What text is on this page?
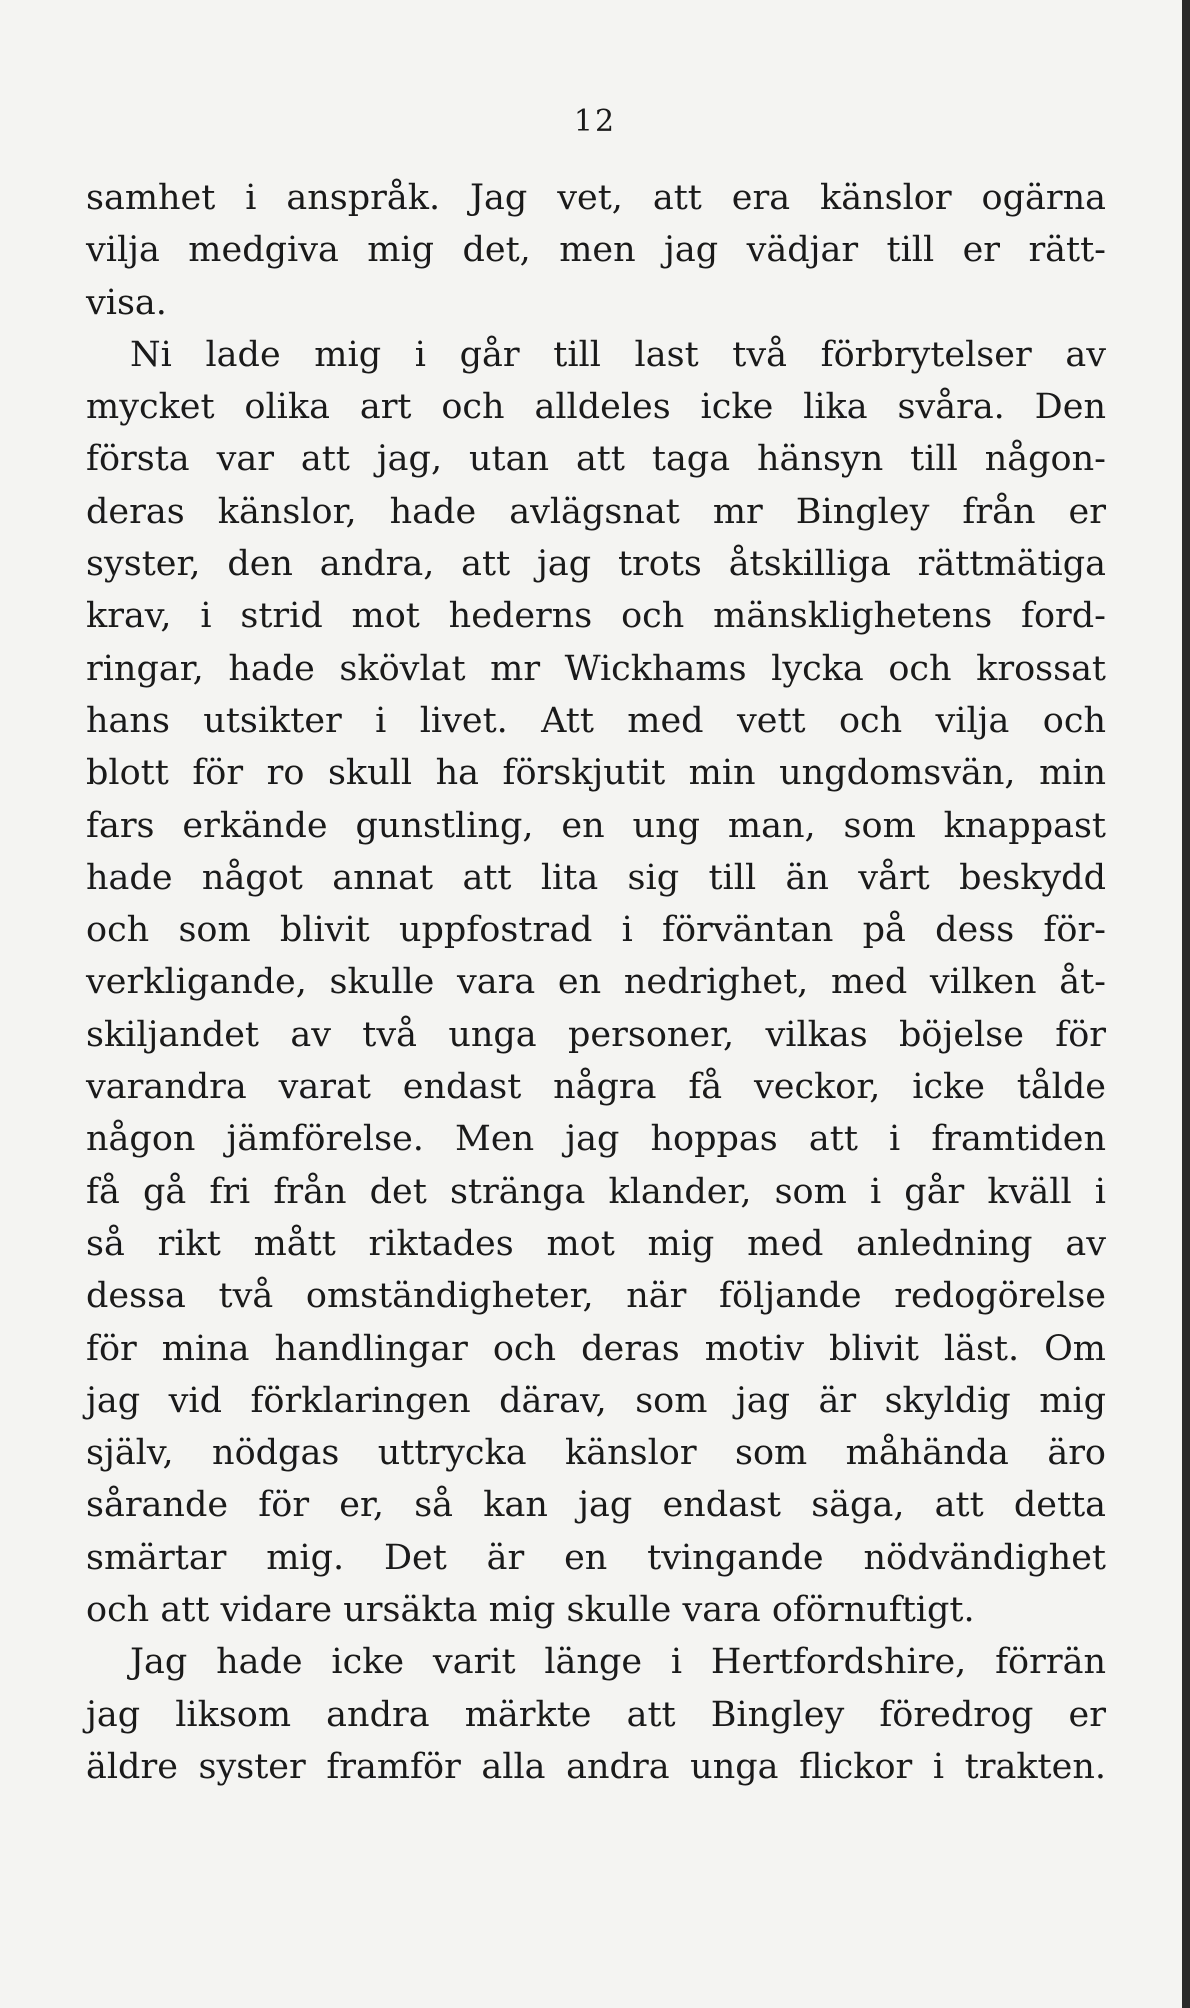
12
samhet i anspråk. Jag vet, att era känslor ogärna
vilja medgiva mig det, men jag vädjar till er rätt-
visa.
Ni lade mig i går till last två förbrytelser av
mycket olika art och alldeles icke lika svåra. Den
första var att jag, utan att taga hänsyn till någon-
deras känslor, hade avlägsnat mr Bingley från er
syster, den andra, att jag trots åtskilliga rättmätiga
krav, i strid mot hederns och mänsklighetens ford-
ringar, hade skövlat mr Wickhams lycka och krossat
hans utsikter i livet. Att med vett och vilja och
blott för ro skull ha förskjutit min ungdomsvän, min
fars erkände gunstling, en ung man, som knappast
hade något annat att lita sig till än vårt beskydd
och som blivit uppfostrad i förväntan på dess för-
verkligande, skulle vara en nedrighet, med vilken åt-
skiljandet av två unga personer, vilkas böjelse för
varandra varat endast några få veckor, icke tålde
någon jämförelse. Men jag hoppas att i framtiden
få gå fri från det stränga klander, som i går kväll i
så rikt mått riktades mot mig med anledning av
dessa två omständigheter, när följande redogörelse
för mina handlingar och deras motiv blivit läst. Om
jag vid förklaringen därav, som jag är skyldig mig
själv, nödgas uttrycka känslor som måhända äro
sårande för er, så kan jag endast säga, att detta
smärtar mig. Det är en tvingande nödvändighet
och att vidare ursäkta mig skulle vara oförnuftigt.
Jag hade icke varit länge i Hertfordshire, förrän
jag liksom andra märkte att Bingley föredrog er
äldre syster framför alla andra unga flickor i trakten.
